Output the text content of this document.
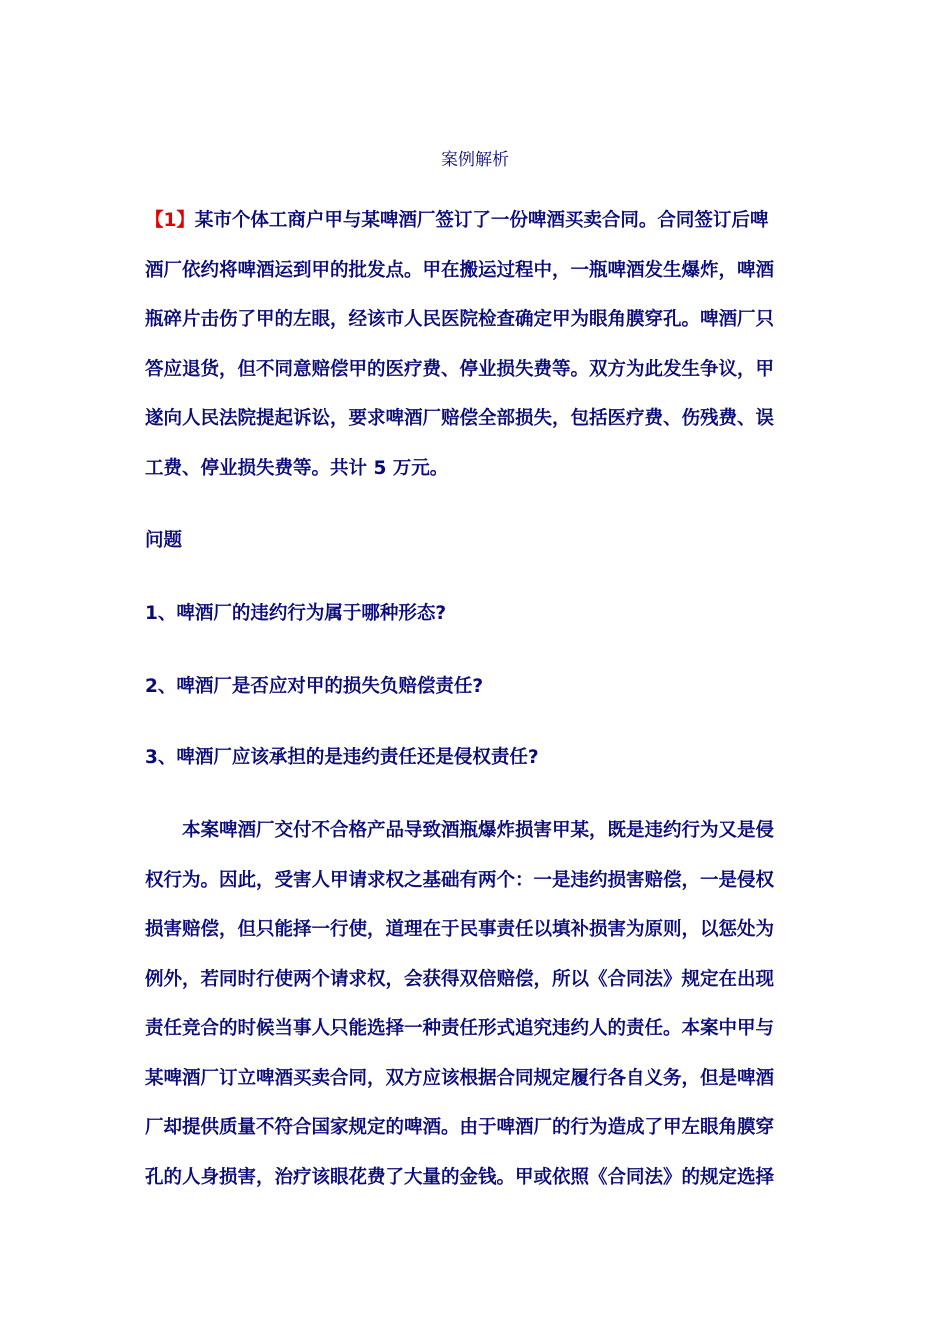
案例解析
【1】某市个体工商户甲与某啤酒厂签订了一份啤酒买卖合同。合同签订后啤
酒厂依约将啤酒运到甲的批发点。甲在搬运过程中，一瓶啤酒发生爆炸，啤酒
瓶碎片击伤了甲的左眼，经该市人民医院检查确定甲为眼角膜穿孔。啤酒厂只
答应退货，但不同意赔偿甲的医疗费、停业损失费等。双方为此发生争议，甲
遂向人民法院提起诉讼，要求啤酒厂赔偿全部损失，包括医疗费、伤残费、误
工费、停业损失费等。共计 5 万元。
问题
1、啤酒厂的违约行为属于哪种形态?
2、啤酒厂是否应对甲的损失负赔偿责任?
3、啤酒厂应该承担的是违约责任还是侵权责任?
本案啤酒厂交付不合格产品导致酒瓶爆炸损害甲某，既是违约行为又是侵
权行为。因此，受害人甲请求权之基础有两个：一是违约损害赔偿，一是侵权
损害赔偿，但只能择一行使，道理在于民事责任以填补损害为原则，以惩处为
例外，若同时行使两个请求权，会获得双倍赔偿，所以《合同法》规定在出现
责任竞合的时候当事人只能选择一种责任形式追究违约人的责任。本案中甲与
某啤酒厂订立啤酒买卖合同，双方应该根据合同规定履行各自义务，但是啤酒
厂却提供质量不符合国家规定的啤酒。由于啤酒厂的行为造成了甲左眼角膜穿
孔的人身损害，治疗该眼花费了大量的金钱。甲或依照《合同法》的规定选择
